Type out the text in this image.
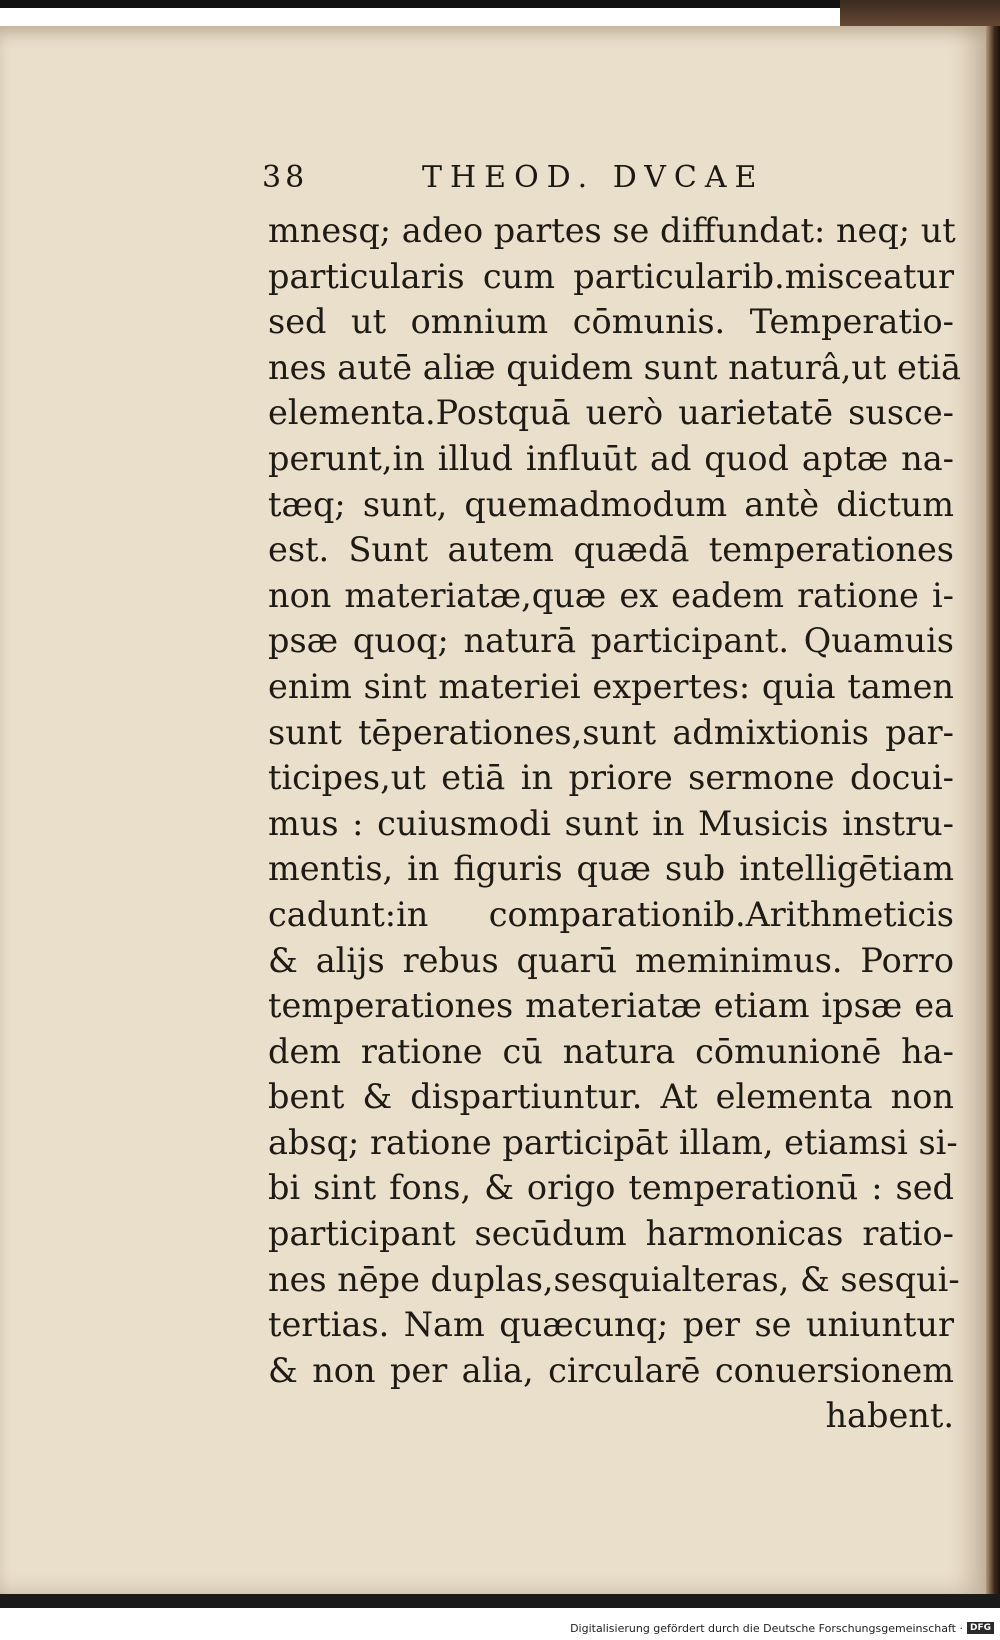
38	THEOD. DVCAE
mnesq; adeo partes se diffundat: neq; ut
particularis cum particularib.misceatur
sed ut omnium cōmunis. Temperatio-
nes autē aliæ quidem sunt naturâ,ut etiā
elementa.Postquā uerò uarietatē susce-
perunt,in illud influūt ad quod aptæ na-
tæq; sunt, quemadmodum antè dictum
est. Sunt autem quædā temperationes
non materiatæ,quæ ex eadem ratione i-
psæ quoq; naturā participant. Quamuis
enim sint materiei expertes: quia tamen
sunt tēperationes,sunt admixtionis par-
ticipes,ut etiā in priore sermone docui-
mus : cuiusmodi sunt in Musicis instru-
mentis, in figuris quæ sub intelligētiam
cadunt:in comparationib.Arithmeticis
& alijs rebus quarū meminimus. Porro
temperationes materiatæ etiam ipsæ ea
dem ratione cū natura cōmunionē ha-
bent & dispartiuntur. At elementa non
absq; ratione participāt illam, etiamsi si-
bi sint fons, & origo temperationū : sed
participant secūdum harmonicas ratio-
nes nēpe duplas,sesquialteras, & sesqui-
tertias. Nam quæcunq; per se uniuntur
& non per alia, circularē conuersionem
habent.
Digitalisierung gefördert durch die Deutsche Forschungsgemeinschaft · DFG
